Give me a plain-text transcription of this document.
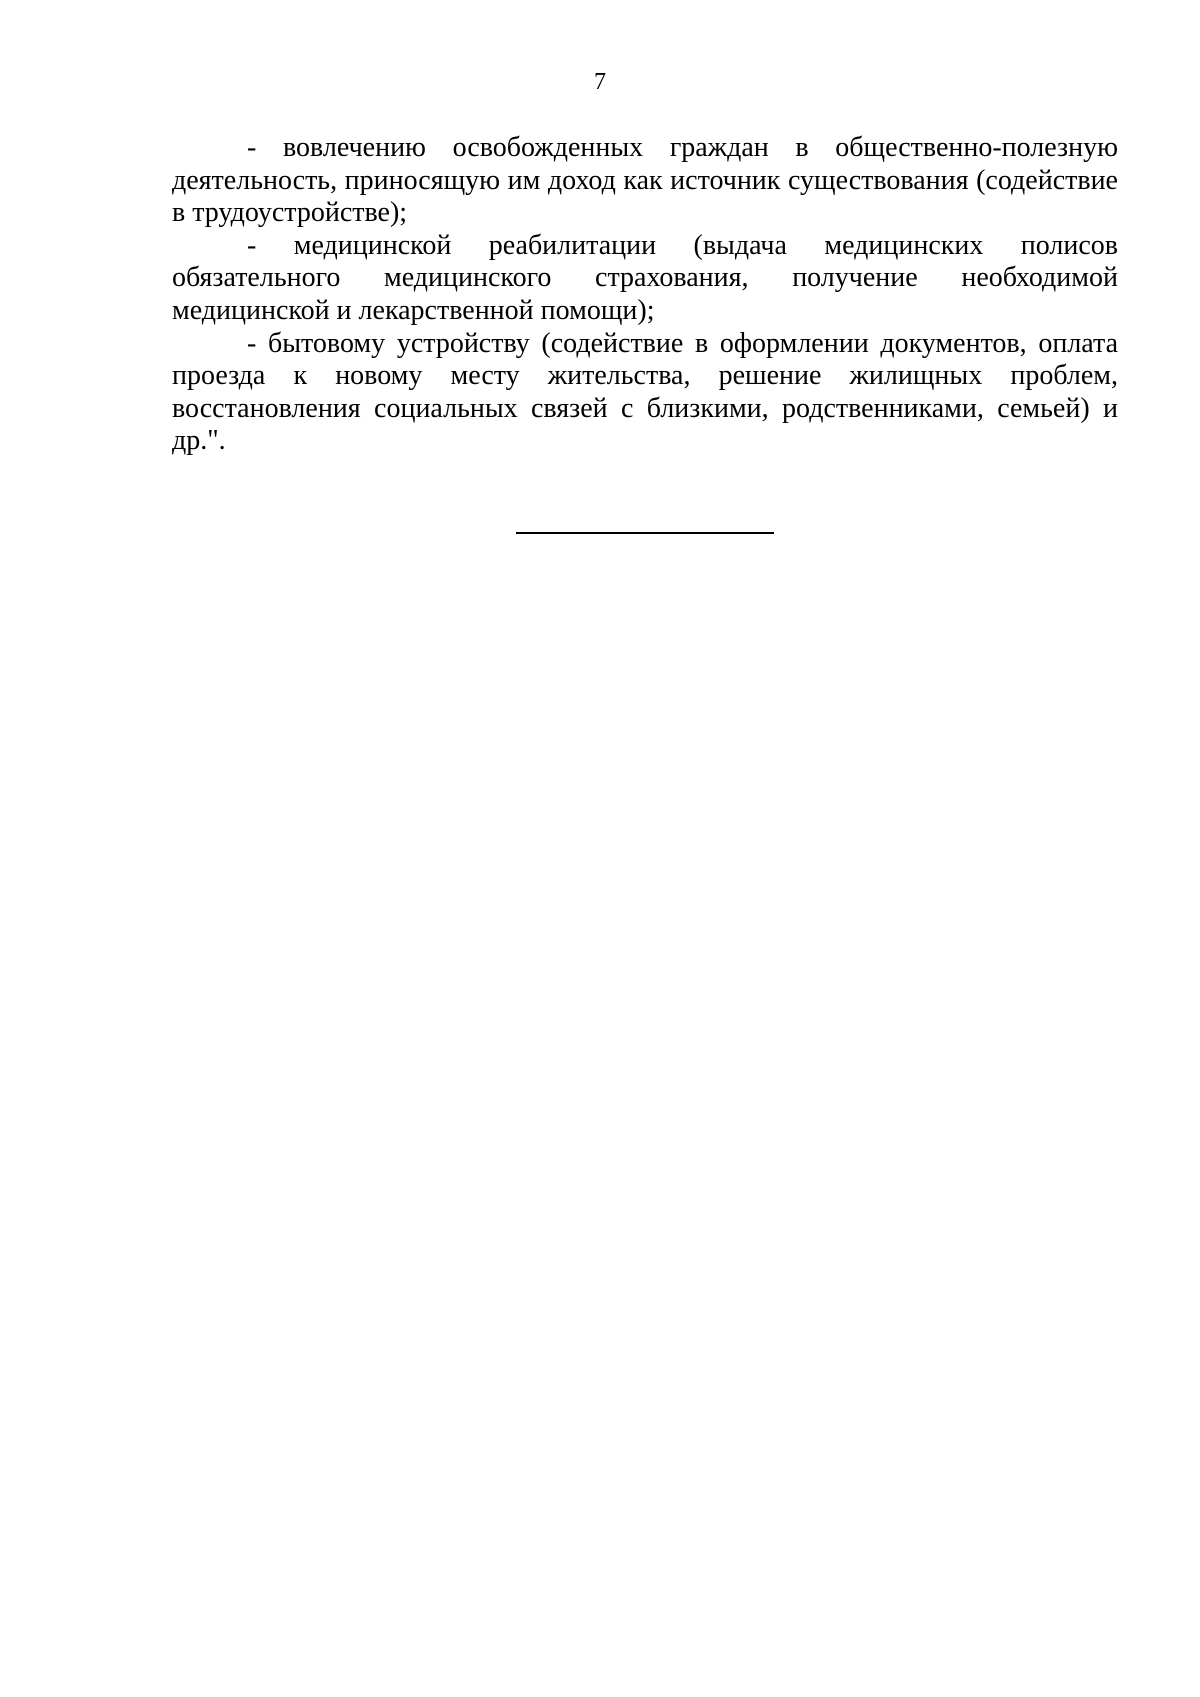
7

- вовлечению освобожденных граждан в общественно-полезную деятельность, приносящую им доход как источник существования (содействие в трудоустройстве);

- медицинской реабилитации (выдача медицинских полисов обязательного медицинского страхования, получение необходимой медицинской и лекарственной помощи);

- бытовому устройству (содействие в оформлении документов, оплата проезда к новому месту жительства, решение жилищных проблем, восстановления социальных связей с близкими, родственниками, семьей) и др.".
